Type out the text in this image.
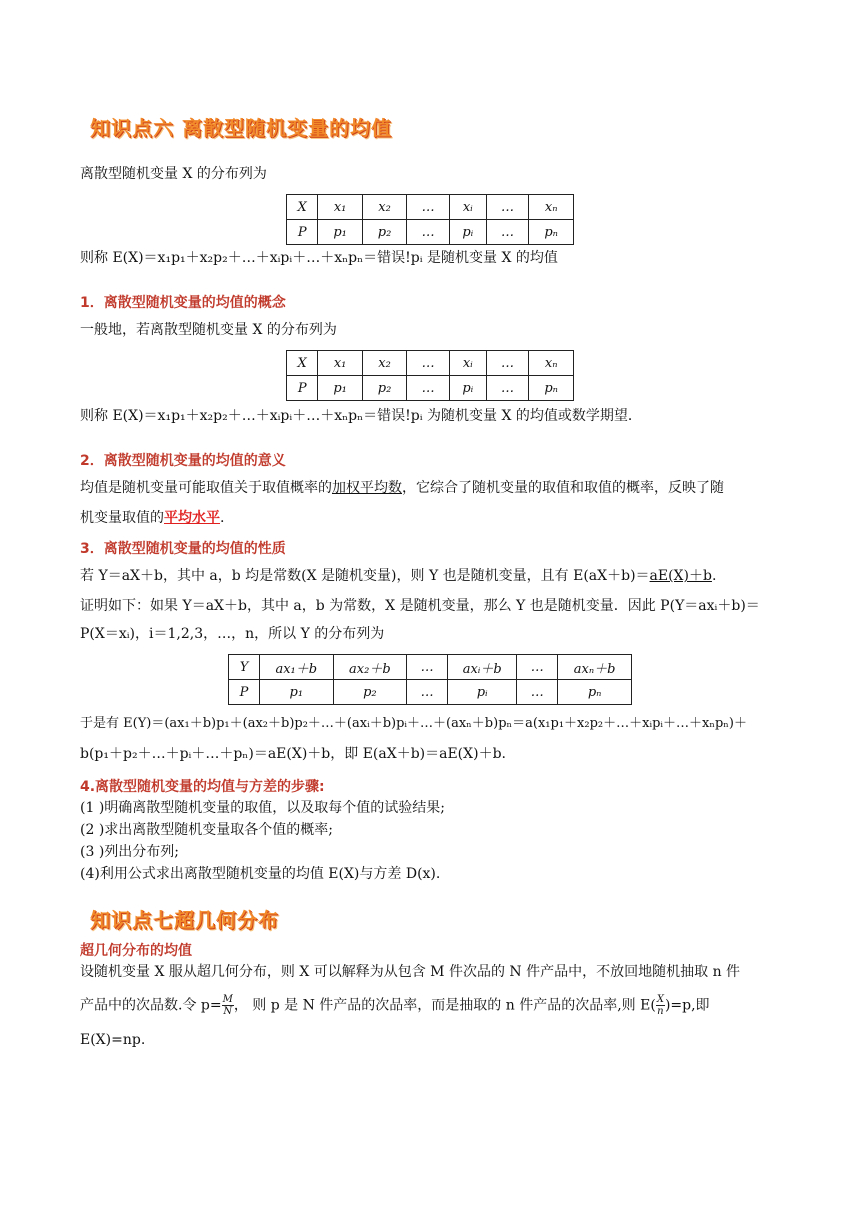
知识点六 离散型随机变量的均值
离散型随机变量 X 的分布列为
X	x₁	x₂	…	xᵢ	…	xₙ
P	p₁	p₂	…	pᵢ	…	pₙ
则称 E(X)＝x₁p₁＋x₂p₂＋…＋xᵢpᵢ＋…＋xₙpₙ＝错误!pᵢ 是随机变量 X 的均值
1．离散型随机变量的均值的概念
一般地，若离散型随机变量 X 的分布列为
X	x₁	x₂	…	xᵢ	…	xₙ
P	p₁	p₂	…	pᵢ	…	pₙ
则称 E(X)＝x₁p₁＋x₂p₂＋…＋xᵢpᵢ＋…＋xₙpₙ＝错误!pᵢ 为随机变量 X 的均值或数学期望．
2．离散型随机变量的均值的意义
均值是随机变量可能取值关于取值概率的加权平均数，它综合了随机变量的取值和取值的概率，反映了随
机变量取值的平均水平.
3．离散型随机变量的均值的性质
若 Y＝aX＋b，其中 a，b 均是常数(X 是随机变量)，则 Y 也是随机变量，且有 E(aX＋b)＝aE(X)＋b.
证明如下：如果 Y＝aX＋b，其中 a，b 为常数，X 是随机变量，那么 Y 也是随机变量．因此 P(Y＝axᵢ＋b)＝
P(X＝xᵢ)，i＝1,2,3，…，n，所以 Y 的分布列为
Y	ax₁＋b	ax₂＋b	…	axᵢ＋b	…	axₙ＋b
P	p₁	p₂	…	pᵢ	…	pₙ
于是有 E(Y)＝(ax₁＋b)p₁＋(ax₂＋b)p₂＋…＋(axᵢ＋b)pᵢ＋…＋(axₙ＋b)pₙ＝a(x₁p₁＋x₂p₂＋…＋xᵢpᵢ＋…＋xₙpₙ)＋
b(p₁＋p₂＋…＋pᵢ＋…＋pₙ)＝aE(X)＋b，即 E(aX＋b)＝aE(X)＋b.
4.离散型随机变量的均值与方差的步骤:
(1 )明确离散型随机变量的取值，以及取每个值的试验结果;
(2 )求出离散型随机变量取各个值的概率;
(3 )列出分布列;
(4)利用公式求出离散型随机变量的均值 E(X)与方差 D(x).
知识点七超几何分布
超几何分布的均值
设随机变量 X 服从超几何分布，则 X 可以解释为从包含 M 件次品的 N 件产品中，不放回地随机抽取 n 件
产品中的次品数.令 $p= \frac{M}{N}$ ， 则 p 是 N 件产品的次品率，而是抽取的 n 件产品的次品率,则 $E( \frac{X}{n} )=p$,即
E(X)=np.
